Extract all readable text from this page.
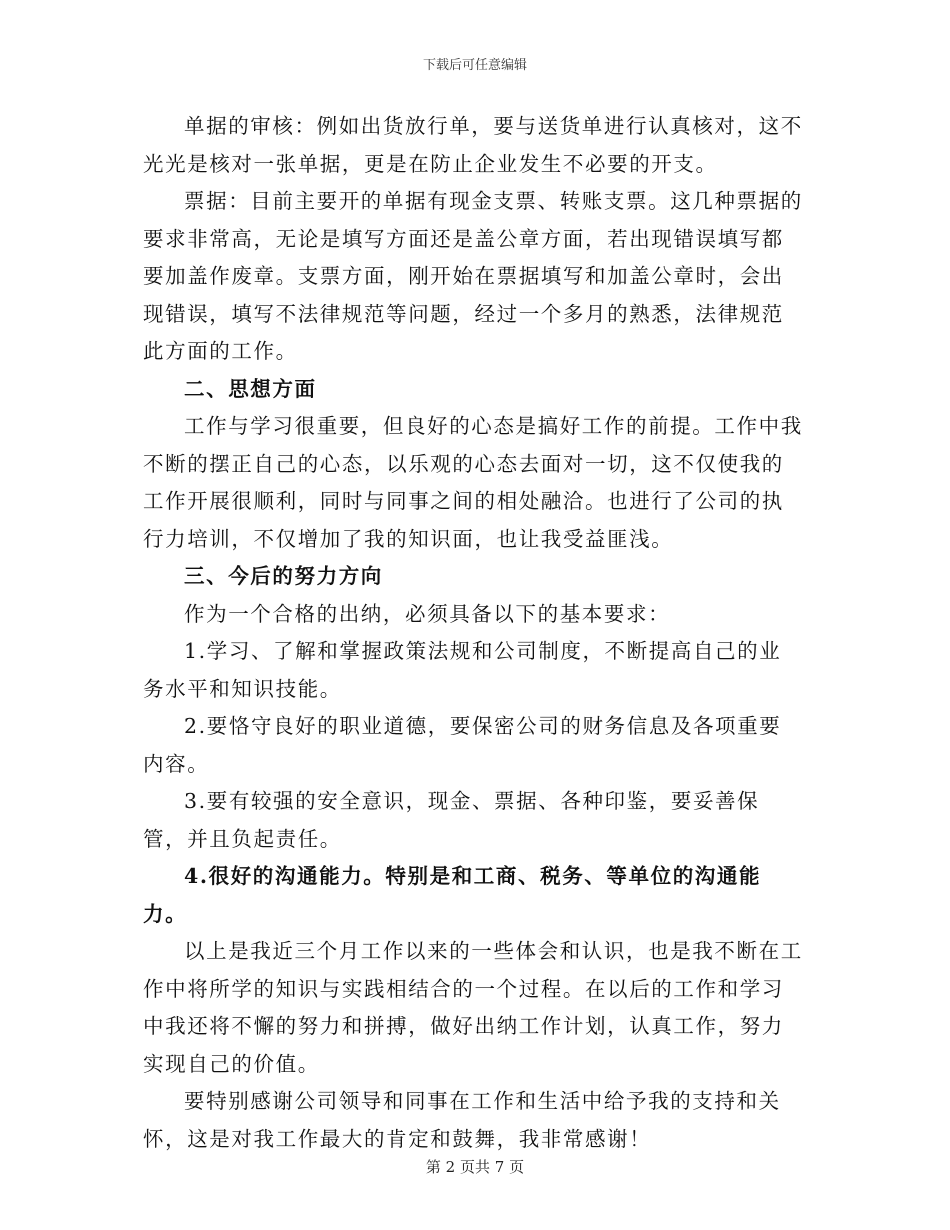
下载后可任意编辑

单据的审核：例如出货放行单，要与送货单进行认真核对，这不光光是核对一张单据，更是在防止企业发生不必要的开支。

票据：目前主要开的单据有现金支票、转账支票。这几种票据的要求非常高，无论是填写方面还是盖公章方面，若出现错误填写都要加盖作废章。支票方面，刚开始在票据填写和加盖公章时，会出现错误，填写不法律规范等问题，经过一个多月的熟悉，法律规范此方面的工作。

二、思想方面

工作与学习很重要，但良好的心态是搞好工作的前提。工作中我不断的摆正自己的心态，以乐观的心态去面对一切，这不仅使我的工作开展很顺利，同时与同事之间的相处融洽。也进行了公司的执行力培训，不仅增加了我的知识面，也让我受益匪浅。

三、今后的努力方向

作为一个合格的出纳，必须具备以下的基本要求：

1.学习、了解和掌握政策法规和公司制度，不断提高自己的业务水平和知识技能。

2.要恪守良好的职业道德，要保密公司的财务信息及各项重要内容。

3.要有较强的安全意识，现金、票据、各种印鉴，要妥善保管，并且负起责任。

4.很好的沟通能力。特别是和工商、税务、等单位的沟通能力。

以上是我近三个月工作以来的一些体会和认识，也是我不断在工作中将所学的知识与实践相结合的一个过程。在以后的工作和学习中我还将不懈的努力和拼搏，做好出纳工作计划，认真工作，努力实现自己的价值。

要特别感谢公司领导和同事在工作和生活中给予我的支持和关怀，这是对我工作最大的肯定和鼓舞，我非常感谢！

第 2 页共 7 页
